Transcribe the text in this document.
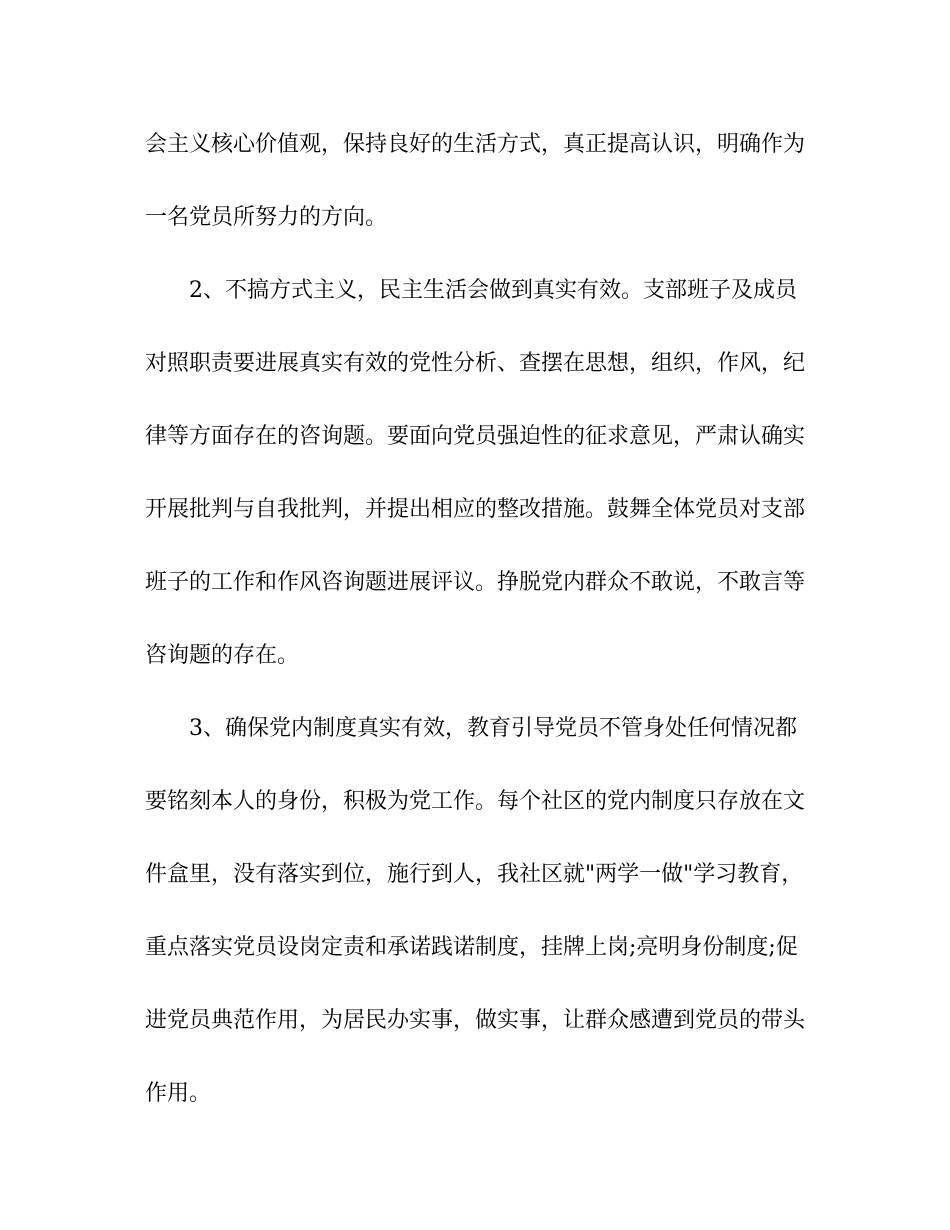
会主义核心价值观，保持良好的生活方式，真正提高认识，明确作为
一名党员所努力的方向。
2、不搞方式主义，民主生活会做到真实有效。支部班子及成员
对照职责要进展真实有效的党性分析、查摆在思想，组织，作风，纪
律等方面存在的咨询题。要面向党员强迫性的征求意见，严肃认确实
开展批判与自我批判，并提出相应的整改措施。鼓舞全体党员对支部
班子的工作和作风咨询题进展评议。挣脱党内群众不敢说，不敢言等
咨询题的存在。
3、确保党内制度真实有效，教育引导党员不管身处任何情况都
要铭刻本人的身份，积极为党工作。每个社区的党内制度只存放在文
件盒里，没有落实到位，施行到人，我社区就"两学一做"学习教育，
重点落实党员设岗定责和承诺践诺制度，挂牌上岗;亮明身份制度;促
进党员典范作用，为居民办实事，做实事，让群众感遭到党员的带头
作用。
